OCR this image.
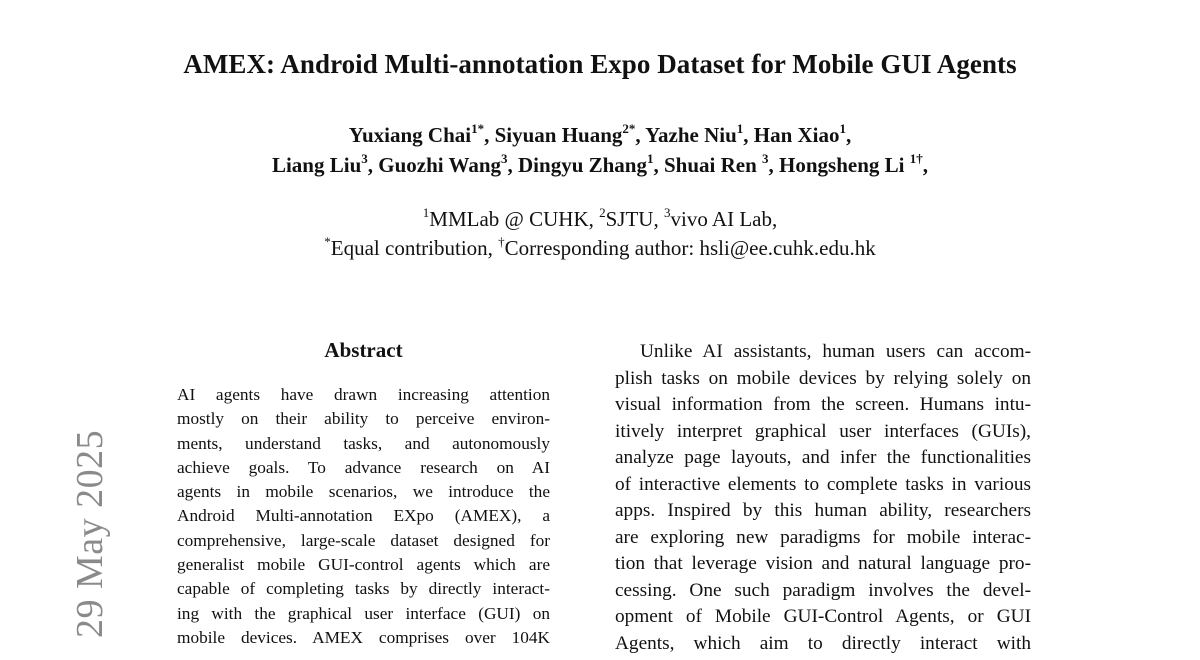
AMEX: Android Multi-annotation Expo Dataset for Mobile GUI Agents
Yuxiang Chai$^{1*}$, Siyuan Huang$^{2*}$, Yazhe Niu$^1$, Han Xiao$^1$,
Liang Liu$^3$, Guozhi Wang$^3$, Dingyu Zhang$^1$, Shuai Ren $^3$, Hongsheng Li $^{1\dagger}$,
$^1$MMLab @ CUHK, $^2$SJTU, $^3$vivo AI Lab,
*Equal contribution, †Corresponding author: hsli@ee.cuhk.edu.hk
Abstract
AI agents have drawn increasing attention
mostly on their ability to perceive environ-
ments, understand tasks, and autonomously
achieve goals. To advance research on AI
agents in mobile scenarios, we introduce the
Android Multi-annotation EXpo (AMEX), a
comprehensive, large-scale dataset designed for
generalist mobile GUI-control agents which are
capable of completing tasks by directly interact-
ing with the graphical user interface (GUI) on
mobile devices. AMEX comprises over 104K
Unlike AI assistants, human users can accom-
plish tasks on mobile devices by relying solely on
visual information from the screen. Humans intu-
itively interpret graphical user interfaces (GUIs),
analyze page layouts, and infer the functionalities
of interactive elements to complete tasks in various
apps. Inspired by this human ability, researchers
are exploring new paradigms for mobile interac-
tion that leverage vision and natural language pro-
cessing. One such paradigm involves the devel-
opment of Mobile GUI-Control Agents, or GUI
Agents, which aim to directly interact with
29 May 2025
